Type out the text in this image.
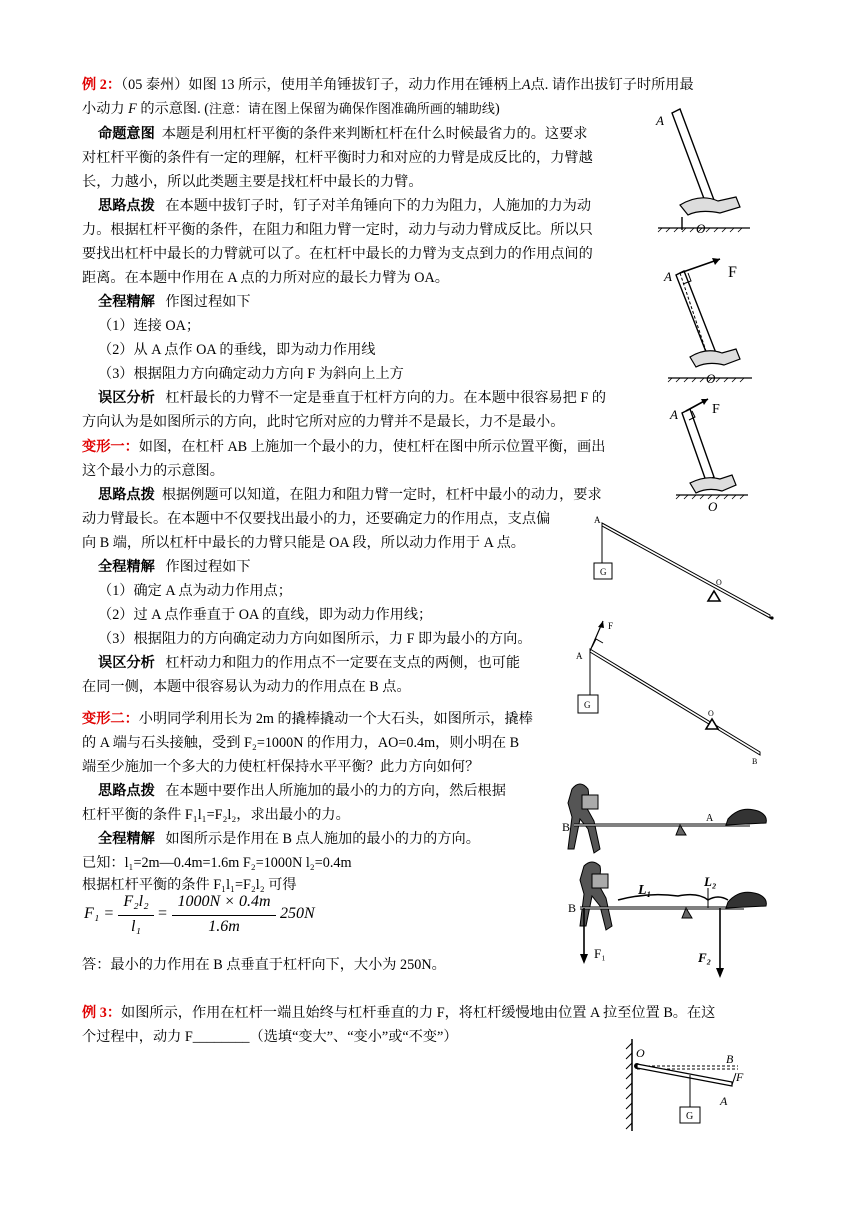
例 2：（05 泰州）如图 13 所示，使用羊角锤拔钉子，动力作用在锤柄上A点. 请作出拔钉子时所用最
小动力 F 的示意图. (注意：请在图上保留为确保作图准确所画的辅助线)
命题意图 本题是利用杠杆平衡的条件来判断杠杆在什么时候最省力的。这要求
对杠杆平衡的条件有一定的理解，杠杆平衡时力和对应的力臂是成反比的，力臂越
长，力越小，所以此类题主要是找杠杆中最长的力臂。
思路点拨 在本题中拔钉子时，钉子对羊角锤向下的力为阻力，人施加的力为动
力。根据杠杆平衡的条件，在阻力和阻力臂一定时，动力与动力臂成反比。所以只
要找出杠杆中最长的力臂就可以了。在杠杆中最长的力臂为支点到力的作用点间的
距离。在本题中作用在 A 点的力所对应的最长力臂为 OA。
全程精解 作图过程如下
（1）连接 OA；
（2）从 A 点作 OA 的垂线，即为动力作用线
（3）根据阻力方向确定动力方向 F 为斜向上上方
误区分析 杠杆最长的力臂不一定是垂直于杠杆方向的力。在本题中很容易把 F 的
方向认为是如图所示的方向，此时它所对应的力臂并不是最长，力不是最小。
A
O
A	F
O
A F
O
变形一：如图，在杠杆 AB 上施加一个最小的力，使杠杆在图中所示位置平衡，画出
这个最小力的示意图。
思路点拨 根据例题可以知道，在阻力和阻力臂一定时，杠杆中最小的动力，要求
动力臂最长。在本题中不仅要找出最小的力，还要确定力的作用点，支点偏
向 B 端，所以杠杆中最长的力臂只能是 OA 段，所以动力作用于 A 点。
全程精解 作图过程如下
（1）确定 A 点为动力作用点；
（2）过 A 点作垂直于 OA 的直线，即为动力作用线；
（3）根据阻力的方向确定动力方向如图所示，力 F 即为最小的方向。
误区分析 杠杆动力和阻力的作用点不一定要在支点的两侧，也可能
在同一侧，本题中很容易认为动力的作用点在 B 点。
A
G
O
A
F
G
O
B
变形二：小明同学利用长为 2m 的撬棒撬动一个大石头，如图所示，撬棒
的 A 端与石头接触，受到 F₂=1000N 的作用力，AO=0.4m，则小明在 B
端至少施加一个多大的力使杠杆保持水平平衡？此力方向如何？
思路点拨 在本题中要作出人所施加的最小的力的方向，然后根据
杠杆平衡的条件 F₁l₁=F₂l₂，求出最小的力。
全程精解 如图所示是作用在 B 点人施加的最小的力的方向。
已知：l₁=2m—0.4m=1.6m F₂=1000N l₂=0.4m
根据杠杆平衡的条件 F₁l₁=F₂l₂ 可得
F₁ =
F₂l₂
l₁
=
1000N × 0.4m
1.6m
250N
答：最小的力作用在 B 点垂直于杠杆向下，大小为 250N。
B
A
B
L₁
L₂
F₁	F₂
例 3：如图所示，作用在杠杆一端且始终与杠杆垂直的力 F，将杠杆缓慢地由位置 A 拉至位置 B。在这
个过程中，动力 F________（选填“变大”、“变小”或“不变”）
O	B
F
A
G
